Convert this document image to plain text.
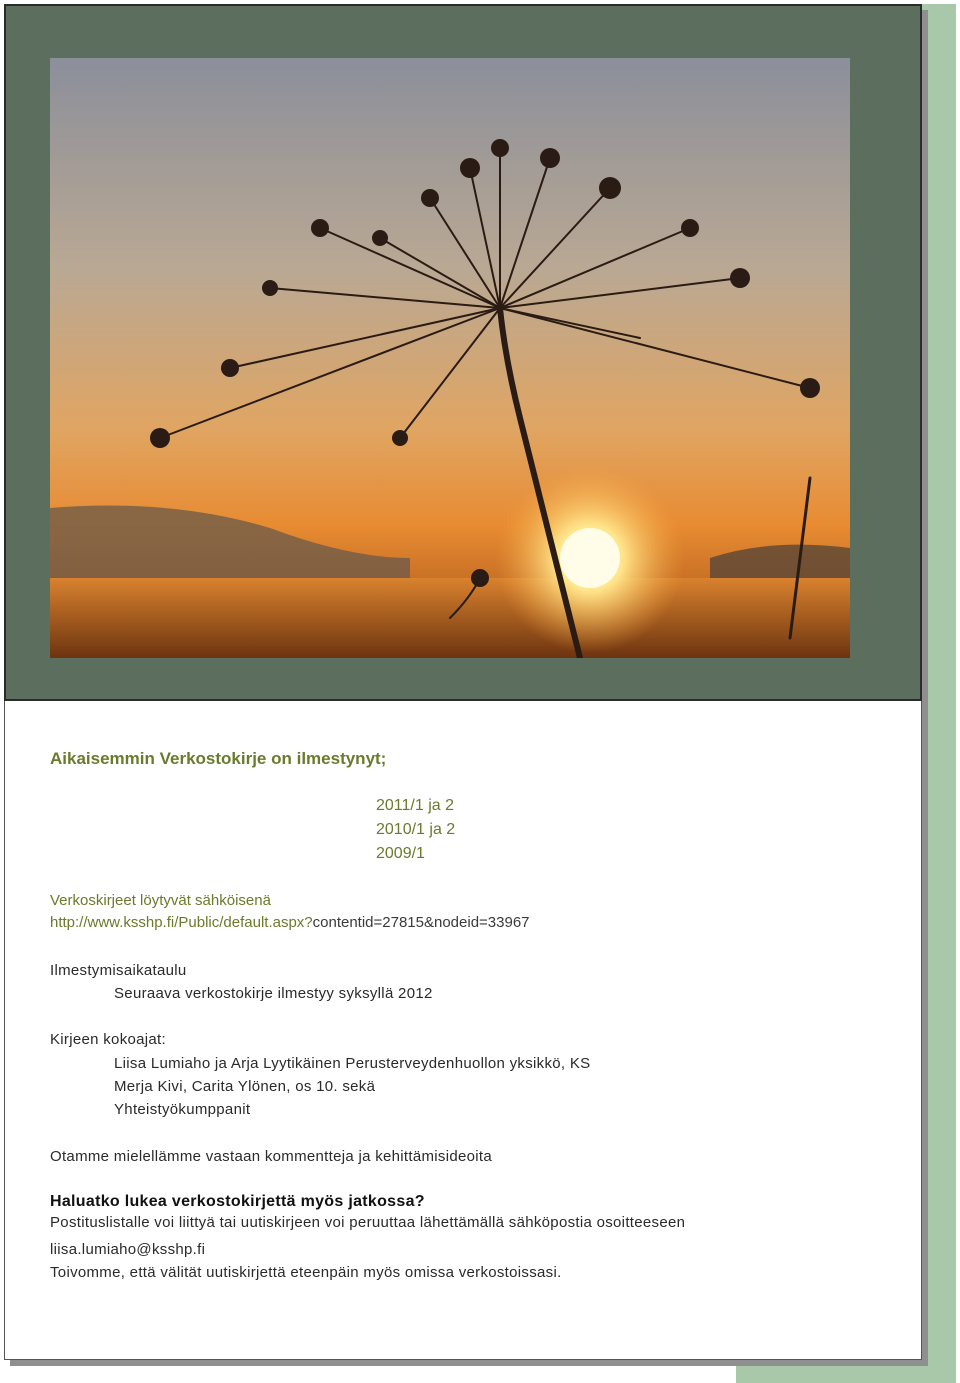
Aikaisemmin Verkostokirje on ilmestynyt;
2011/1 ja 2
2010/1 ja 2
2009/1
Verkoskirjeet löytyvät sähköisenä
http://www.ksshp.fi/Public/default.aspx?contentid=27815&nodeid=33967
Ilmestymisaikataulu
Seuraava verkostokirje ilmestyy syksyllä 2012
Kirjeen kokoajat:
Liisa Lumiaho ja Arja Lyytikäinen Perusterveydenhuollon yksikkö, KS
Merja Kivi, Carita Ylönen, os 10. sekä
Yhteistyökumppanit
Otamme mielellämme vastaan kommentteja ja kehittämisideoita
Haluatko lukea verkostokirjettä myös jatkossa?
Postituslistalle voi liittyä tai uutiskirjeen voi peruuttaa lähettämällä sähköpostia osoitteeseen
liisa.lumiaho@ksshp.fi
Toivomme, että välität uutiskirjettä eteenpäin myös omissa verkostoissasi.
